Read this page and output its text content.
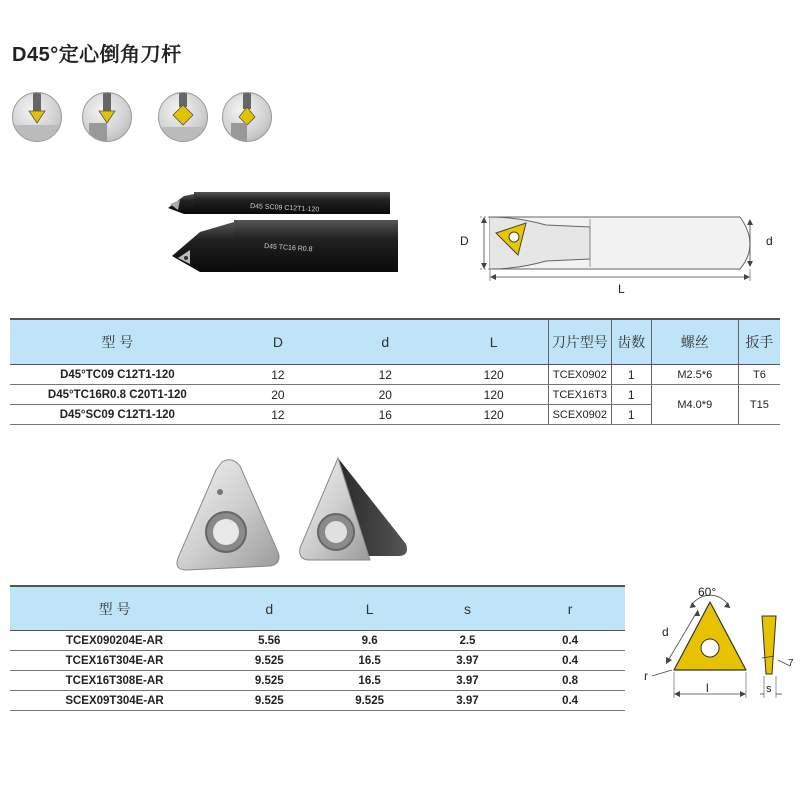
D45°定心倒角刀杆
D45 SC09 C12T1-120
D45 TC16 R0.8
D	d
L
型 号	D	d	L	刀片型号	齿数	螺丝	扳手
D45°TC09 C12T1-120	12	12	120	TCEX0902	1	M2.5*6	T6
D45°TC16R0.8 C20T1-120	20	20	120	TCEX16T3	1	M4.0*9	T15
D45°SC09 C12T1-120	12	16	120	SCEX0902	1		
型 号	d	L	s	r
TCEX090204E-AR	5.56	9.6	2.5	0.4
TCEX16T304E-AR	9.525	16.5	3.97	0.4
TCEX16T308E-AR	9.525	16.5	3.97	0.8
SCEX09T304E-AR	9.525	9.525	3.97	0.4
60°
d
r
l
7
s
